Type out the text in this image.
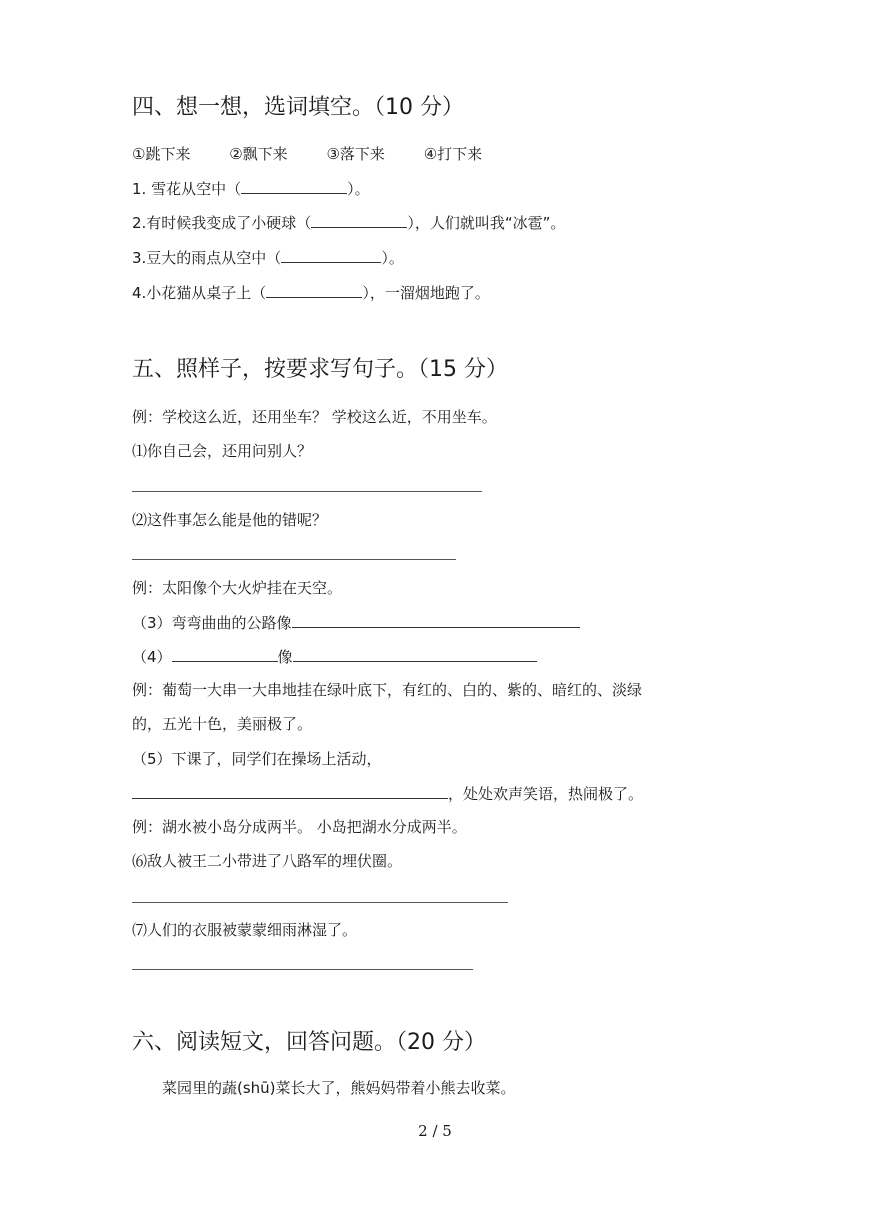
四、想一想，选词填空。（10 分）
①跳下来	②飘下来	③落下来	④打下来
1. 雪花从空中（	）。
2.有时候我变成了小硬球（	），人们就叫我“冰雹”。
3.豆大的雨点从空中（	）。
4.小花猫从桌子上（	），一溜烟地跑了。
五、照样子，按要求写句子。（15 分）
例：学校这么近，还用坐车？ 学校这么近，不用坐车。
⑴你自己会，还用问别人？
⑵这件事怎么能是他的错呢？
例：太阳像个大火炉挂在天空。
（3）弯弯曲曲的公路像
（4）	像
例：葡萄一大串一大串地挂在绿叶底下，有红的、白的、紫的、暗红的、淡绿
的，五光十色，美丽极了。
（5）下课了，同学们在操场上活动，
，处处欢声笑语，热闹极了。
例：湖水被小岛分成两半。 小岛把湖水分成两半。
⑹敌人被王二小带进了八路军的埋伏圈。
⑺人们的衣服被蒙蒙细雨淋湿了。
六、阅读短文，回答问题。（20 分）
菜园里的蔬(shū)菜长大了，熊妈妈带着小熊去收菜。
2 / 5
